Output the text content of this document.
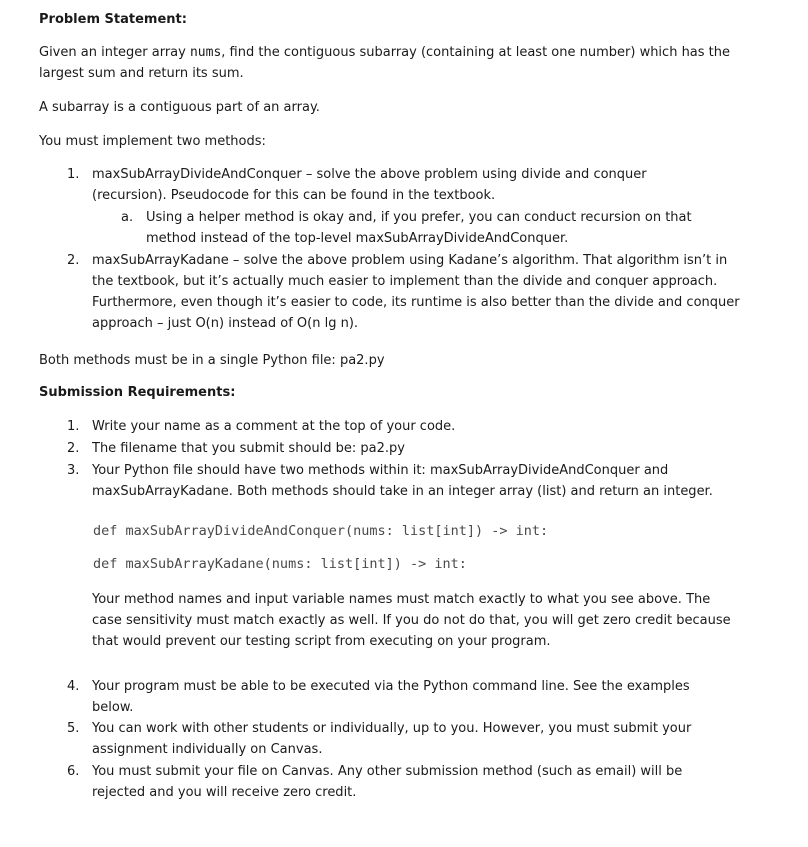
Problem Statement:
Given an integer array nums, find the contiguous subarray (containing at least one number) which has the largest sum and return its sum.
A subarray is a contiguous part of an array.
You must implement two methods:
1. maxSubArrayDivideAndConquer – solve the above problem using divide and conquer (recursion). Pseudocode for this can be found in the textbook.
a. Using a helper method is okay and, if you prefer, you can conduct recursion on that method instead of the top-level maxSubArrayDivideAndConquer.
2. maxSubArrayKadane – solve the above problem using Kadane’s algorithm. That algorithm isn’t in the textbook, but it’s actually much easier to implement than the divide and conquer approach. Furthermore, even though it’s easier to code, its runtime is also better than the divide and conquer approach – just O(n) instead of O(n lg n).
Both methods must be in a single Python file: pa2.py
Submission Requirements:
1. Write your name as a comment at the top of your code.
2. The filename that you submit should be: pa2.py
3. Your Python file should have two methods within it: maxSubArrayDivideAndConquer and maxSubArrayKadane. Both methods should take in an integer array (list) and return an integer.
def maxSubArrayDivideAndConquer(nums: list[int]) -> int:
def maxSubArrayKadane(nums: list[int]) -> int:
Your method names and input variable names must match exactly to what you see above. The case sensitivity must match exactly as well. If you do not do that, you will get zero credit because that would prevent our testing script from executing on your program.
4. Your program must be able to be executed via the Python command line. See the examples below.
5. You can work with other students or individually, up to you. However, you must submit your assignment individually on Canvas.
6. You must submit your file on Canvas. Any other submission method (such as email) will be rejected and you will receive zero credit.
